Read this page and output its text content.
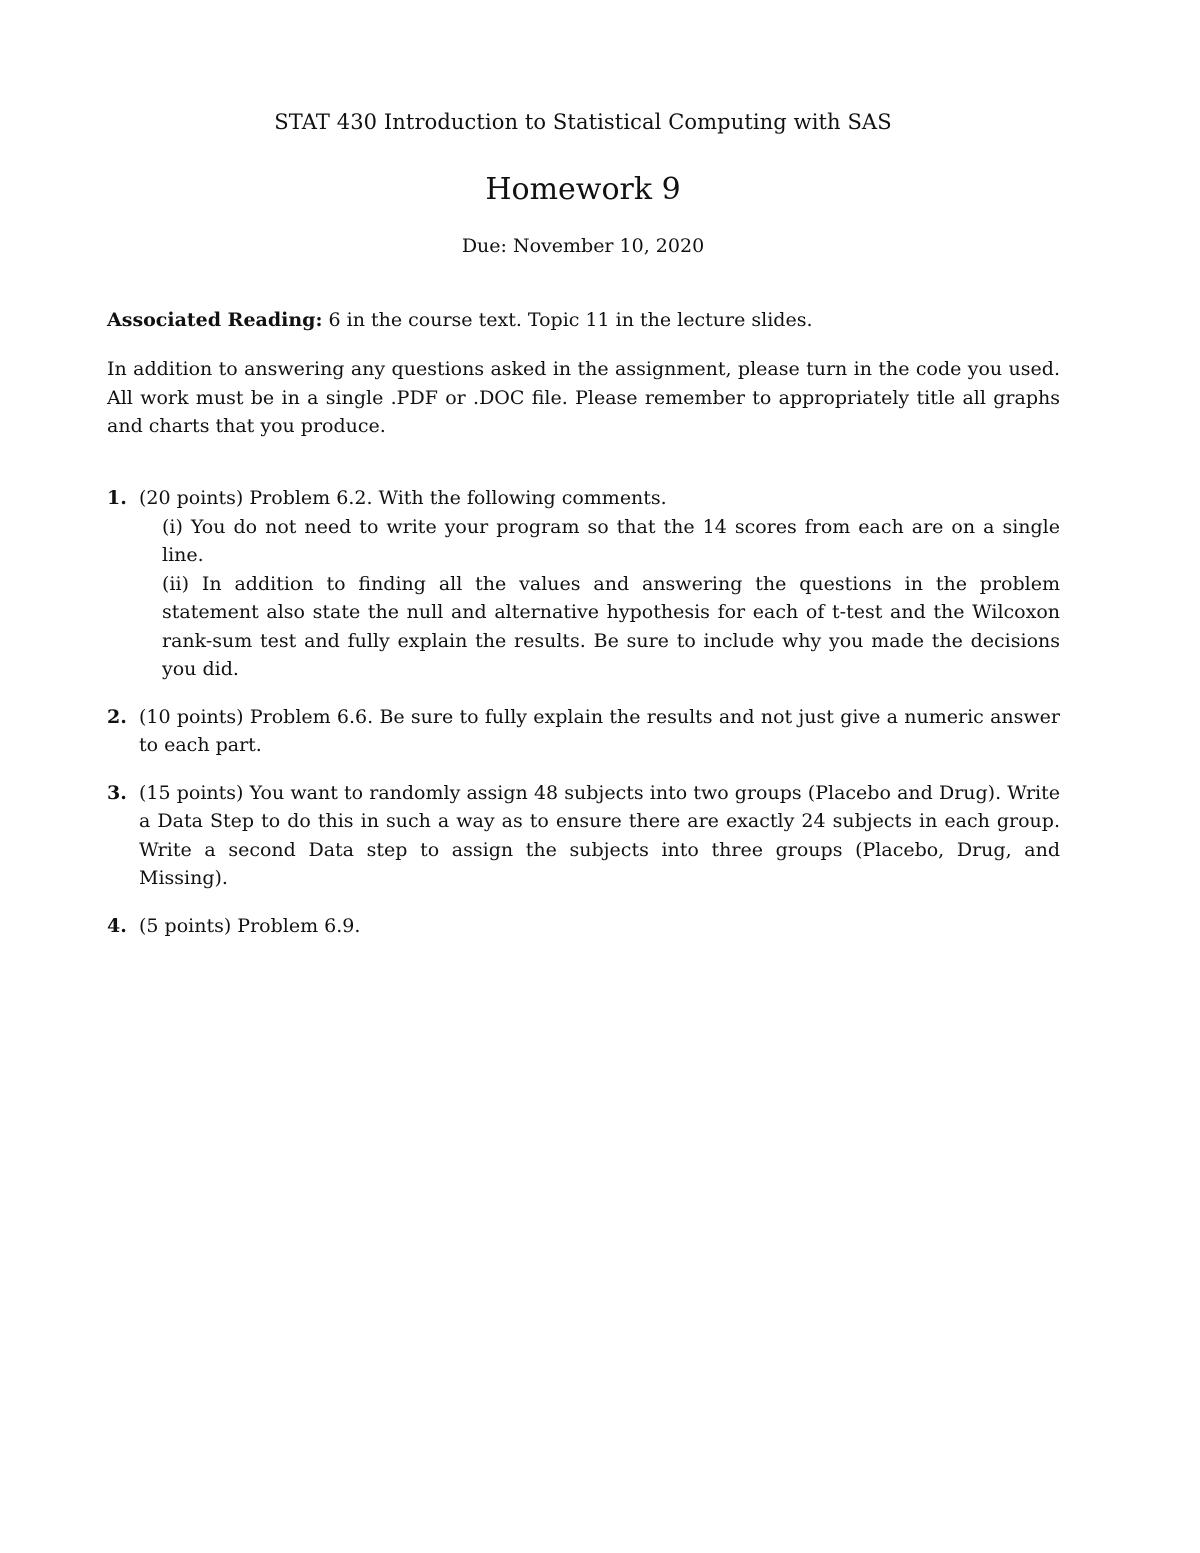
STAT 430 Introduction to Statistical Computing with SAS
Homework 9
Due: November 10, 2020
Associated Reading: 6 in the course text. Topic 11 in the lecture slides.

In addition to answering any questions asked in the assignment, please turn in the code you used. All work must be in a single .PDF or .DOC file. Please remember to appropriately title all graphs and charts that you produce.

1. (20 points) Problem 6.2. With the following comments.
(i) You do not need to write your program so that the 14 scores from each are on a single line.
(ii) In addition to finding all the values and answering the questions in the problem statement also state the null and alternative hypothesis for each of t-test and the Wilcoxon rank-sum test and fully explain the results. Be sure to include why you made the decisions you did.
2. (10 points) Problem 6.6. Be sure to fully explain the results and not just give a numeric answer to each part.
3. (15 points) You want to randomly assign 48 subjects into two groups (Placebo and Drug). Write a Data Step to do this in such a way as to ensure there are exactly 24 subjects in each group. Write a second Data step to assign the subjects into three groups (Placebo, Drug, and Missing).
4. (5 points) Problem 6.9.
